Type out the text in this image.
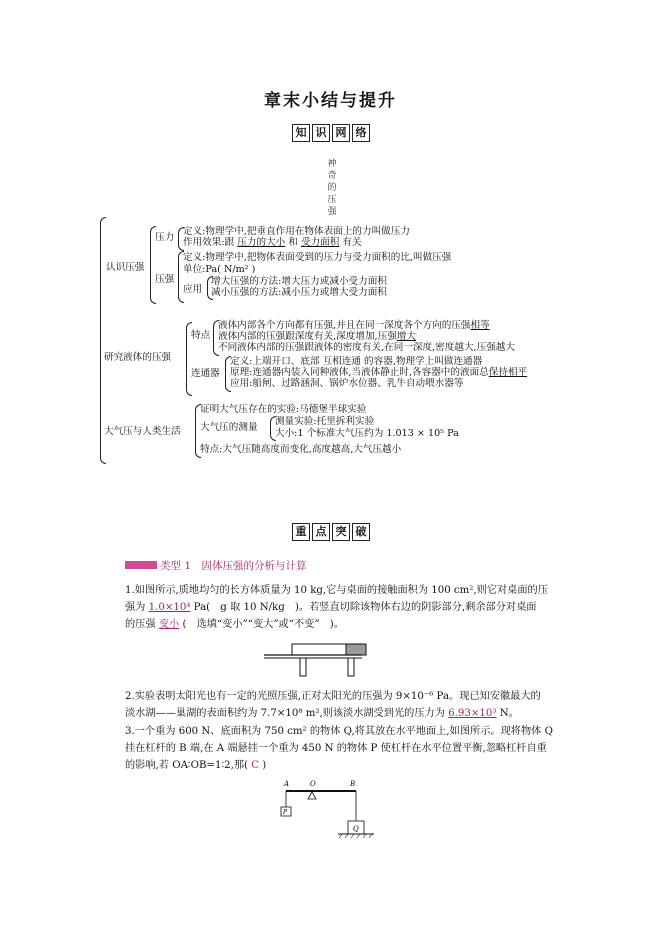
章末小结与提升
知 识 网 络
神
奇
的
压
强
认识压强
压力
定义:物理学中,把垂直作用在物体表面上的力叫做压力
作用效果:跟 压力的大小 和 受力面积 有关
压强
定义:物理学中,把物体表面受到的压力与受力面积的比,叫做压强
单位:Pa( N/m² )
应用
增大压强的方法:增大压力或减小受力面积
减小压强的方法:减小压力或增大受力面积
研究液体的压强
特点
液体内部各个方向都有压强,并且在同一深度各个方向的压强相等
液体内部的压强跟深度有关,深度增加,压强增大
不同液体内部的压强跟液体的密度有关,在同一深度,密度越大,压强越大
连通器
定义:上端开口、底部 互相连通 的容器,物理学上叫做连通器
原理:连通器内装入同种液体,当液体静止时,各容器中的液面总保持相平
应用:船闸、过路涵洞、锅炉水位器、乳牛自动喂水器等
大气压与人类生活
证明大气压存在的实验:马德堡半球实验
大气压的测量
测量实验:托里拆利实验
大小:1 个标准大气压约为 1.013 × 10⁵ Pa
特点:大气压随高度而变化,高度越高,大气压越小
重 点 突 破
类型 1　固体压强的分析与计算
1.如图所示,质地均匀的长方体质量为 10 kg,它与桌面的接触面积为 100 cm²,则它对桌面的压
强为 1.0×10⁴ Pa(　g 取 10 N/kg　)。若竖直切除该物体右边的阴影部分,剩余部分对桌面
的压强 变小 (　选填“变小”“变大”或“不变”　)。
2.实验表明太阳光也有一定的光照压强,正对太阳光的压强为 9×10⁻⁶ Pa。现已知安徽最大的
淡水湖——巢湖的表面积约为 7.7×10⁸ m²,则该淡水湖受到光的压力为 6.93×10³ N。
3.一个重为 600 N、底面积为 750 cm² 的物体 Q,将其放在水平地面上,如图所示。现将物体 Q
挂在杠杆的 B 端,在 A 端悬挂一个重为 450 N 的物体 P 使杠杆在水平位置平衡,忽略杠杆自重
的影响,若 OA∶OB=1∶2,那( C )
A	O	B
P
Q
